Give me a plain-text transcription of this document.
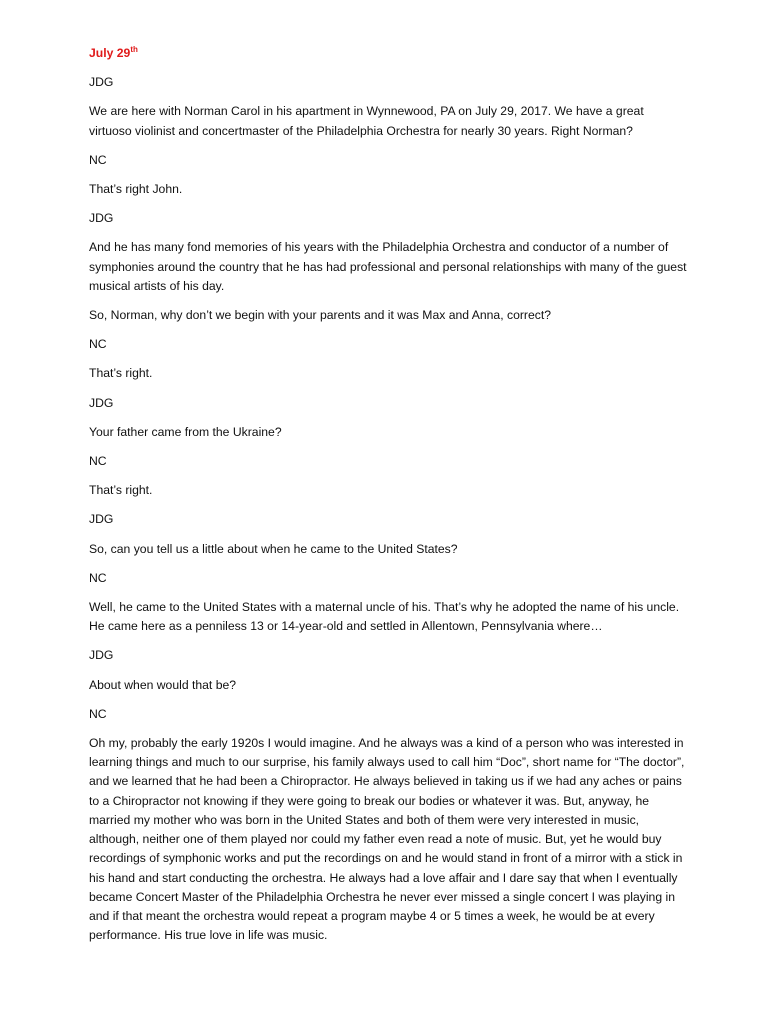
July 29th

JDG

We are here with Norman Carol in his apartment in Wynnewood, PA on July 29, 2017. We have a great virtuoso violinist and concertmaster of the Philadelphia Orchestra for nearly 30 years. Right Norman?

NC

That’s right John.

JDG

And he has many fond memories of his years with the Philadelphia Orchestra and conductor of a number of symphonies around the country that he has had professional and personal relationships with many of the guest musical artists of his day.

So, Norman, why don’t we begin with your parents and it was Max and Anna, correct?

NC

That’s right.

JDG

Your father came from the Ukraine?

NC

That’s right.

JDG

So, can you tell us a little about when he came to the United States?

NC

Well, he came to the United States with a maternal uncle of his. That’s why he adopted the name of his uncle. He came here as a penniless 13 or 14-year-old and settled in Allentown, Pennsylvania where…

JDG

About when would that be?

NC

Oh my, probably the early 1920s I would imagine. And he always was a kind of a person who was interested in learning things and much to our surprise, his family always used to call him “Doc”, short name for “The doctor”, and we learned that he had been a Chiropractor. He always believed in taking us if we had any aches or pains to a Chiropractor not knowing if they were going to break our bodies or whatever it was. But, anyway, he married my mother who was born in the United States and both of them were very interested in music, although, neither one of them played nor could my father even read a note of music. But, yet he would buy recordings of symphonic works and put the recordings on and he would stand in front of a mirror with a stick in his hand and start conducting the orchestra. He always had a love affair and I dare say that when I eventually became Concert Master of the Philadelphia Orchestra he never ever missed a single concert I was playing in and if that meant the orchestra would repeat a program maybe 4 or 5 times a week, he would be at every performance. His true love in life was music.
